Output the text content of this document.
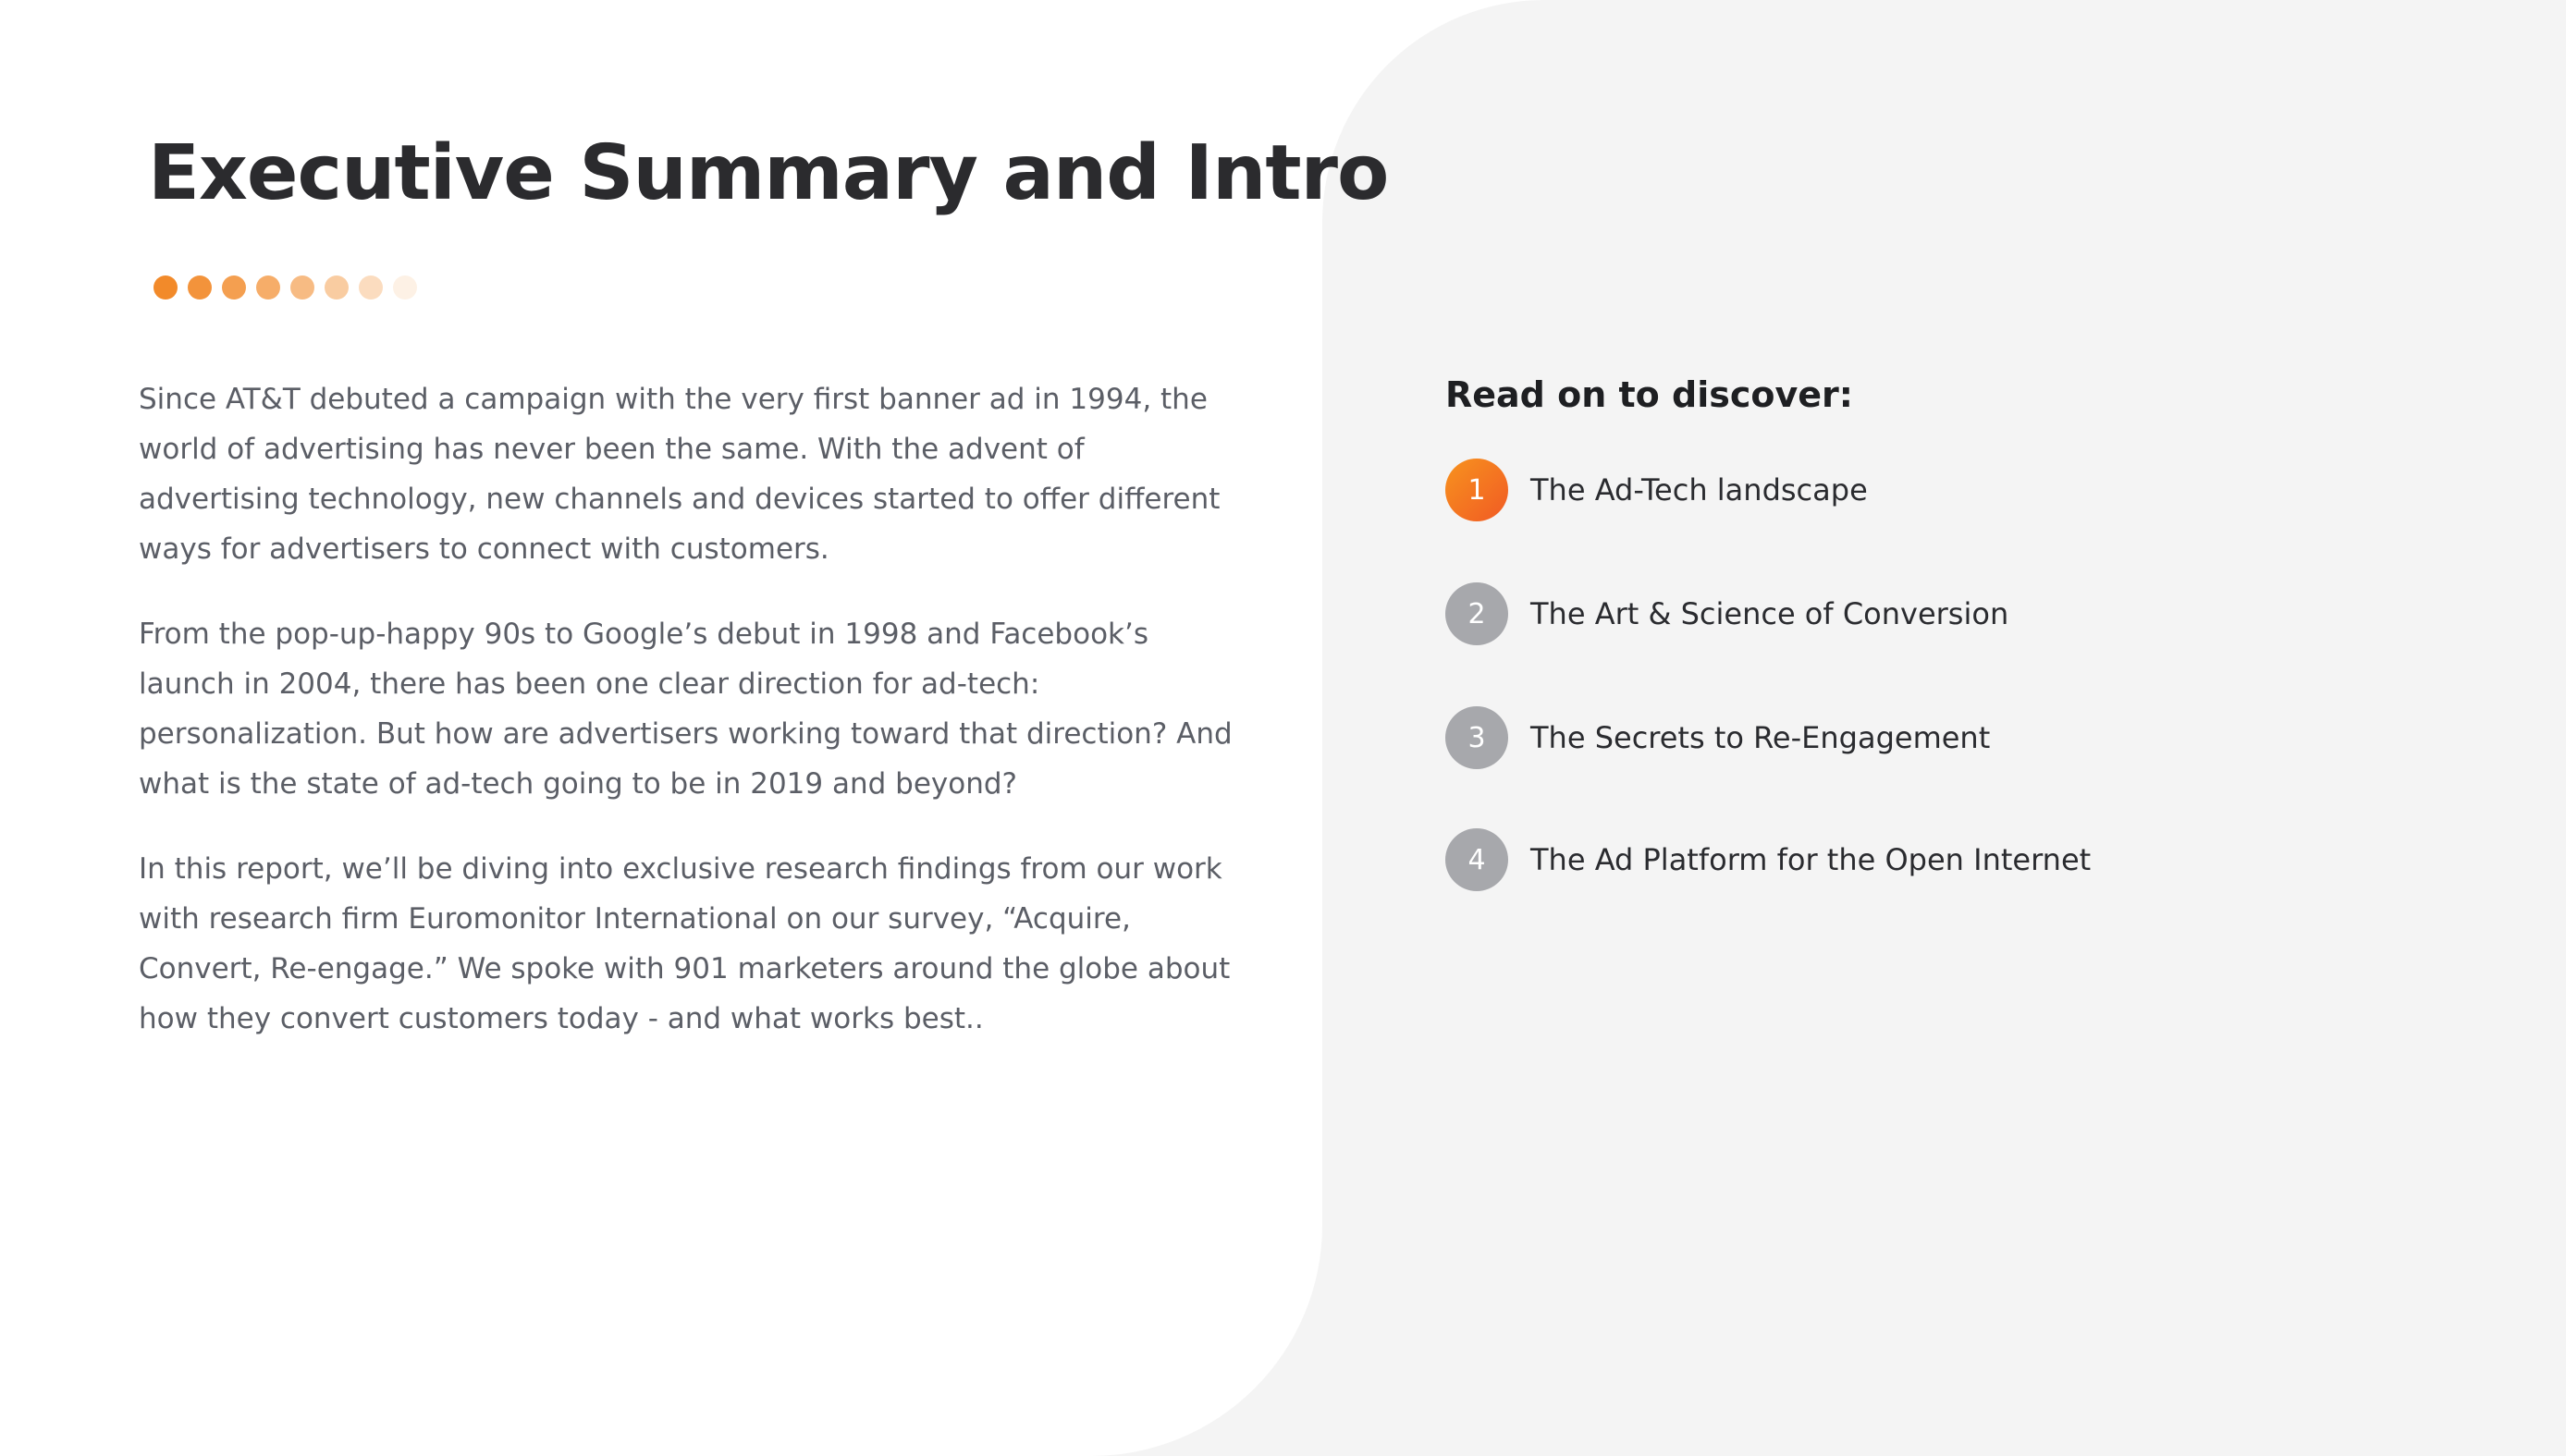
Executive Summary and Intro

Since AT&T debuted a campaign with the very first banner ad in 1994, the world of advertising has never been the same. With the advent of advertising technology, new channels and devices started to offer different ways for advertisers to connect with customers.

From the pop-up-happy 90s to Google’s debut in 1998 and Facebook’s launch in 2004, there has been one clear direction for ad-tech: personalization. But how are advertisers working toward that direction? And what is the state of ad-tech going to be in 2019 and beyond?

In this report, we’ll be diving into exclusive research findings from our work with research firm Euromonitor International on our survey, “Acquire, Convert, Re-engage.” We spoke with 901 marketers around the globe about how they convert customers today - and what works best..

Read on to discover:
1	The Ad-Tech landscape
2	The Art & Science of Conversion
3	The Secrets to Re-Engagement
4	The Ad Platform for the Open Internet
